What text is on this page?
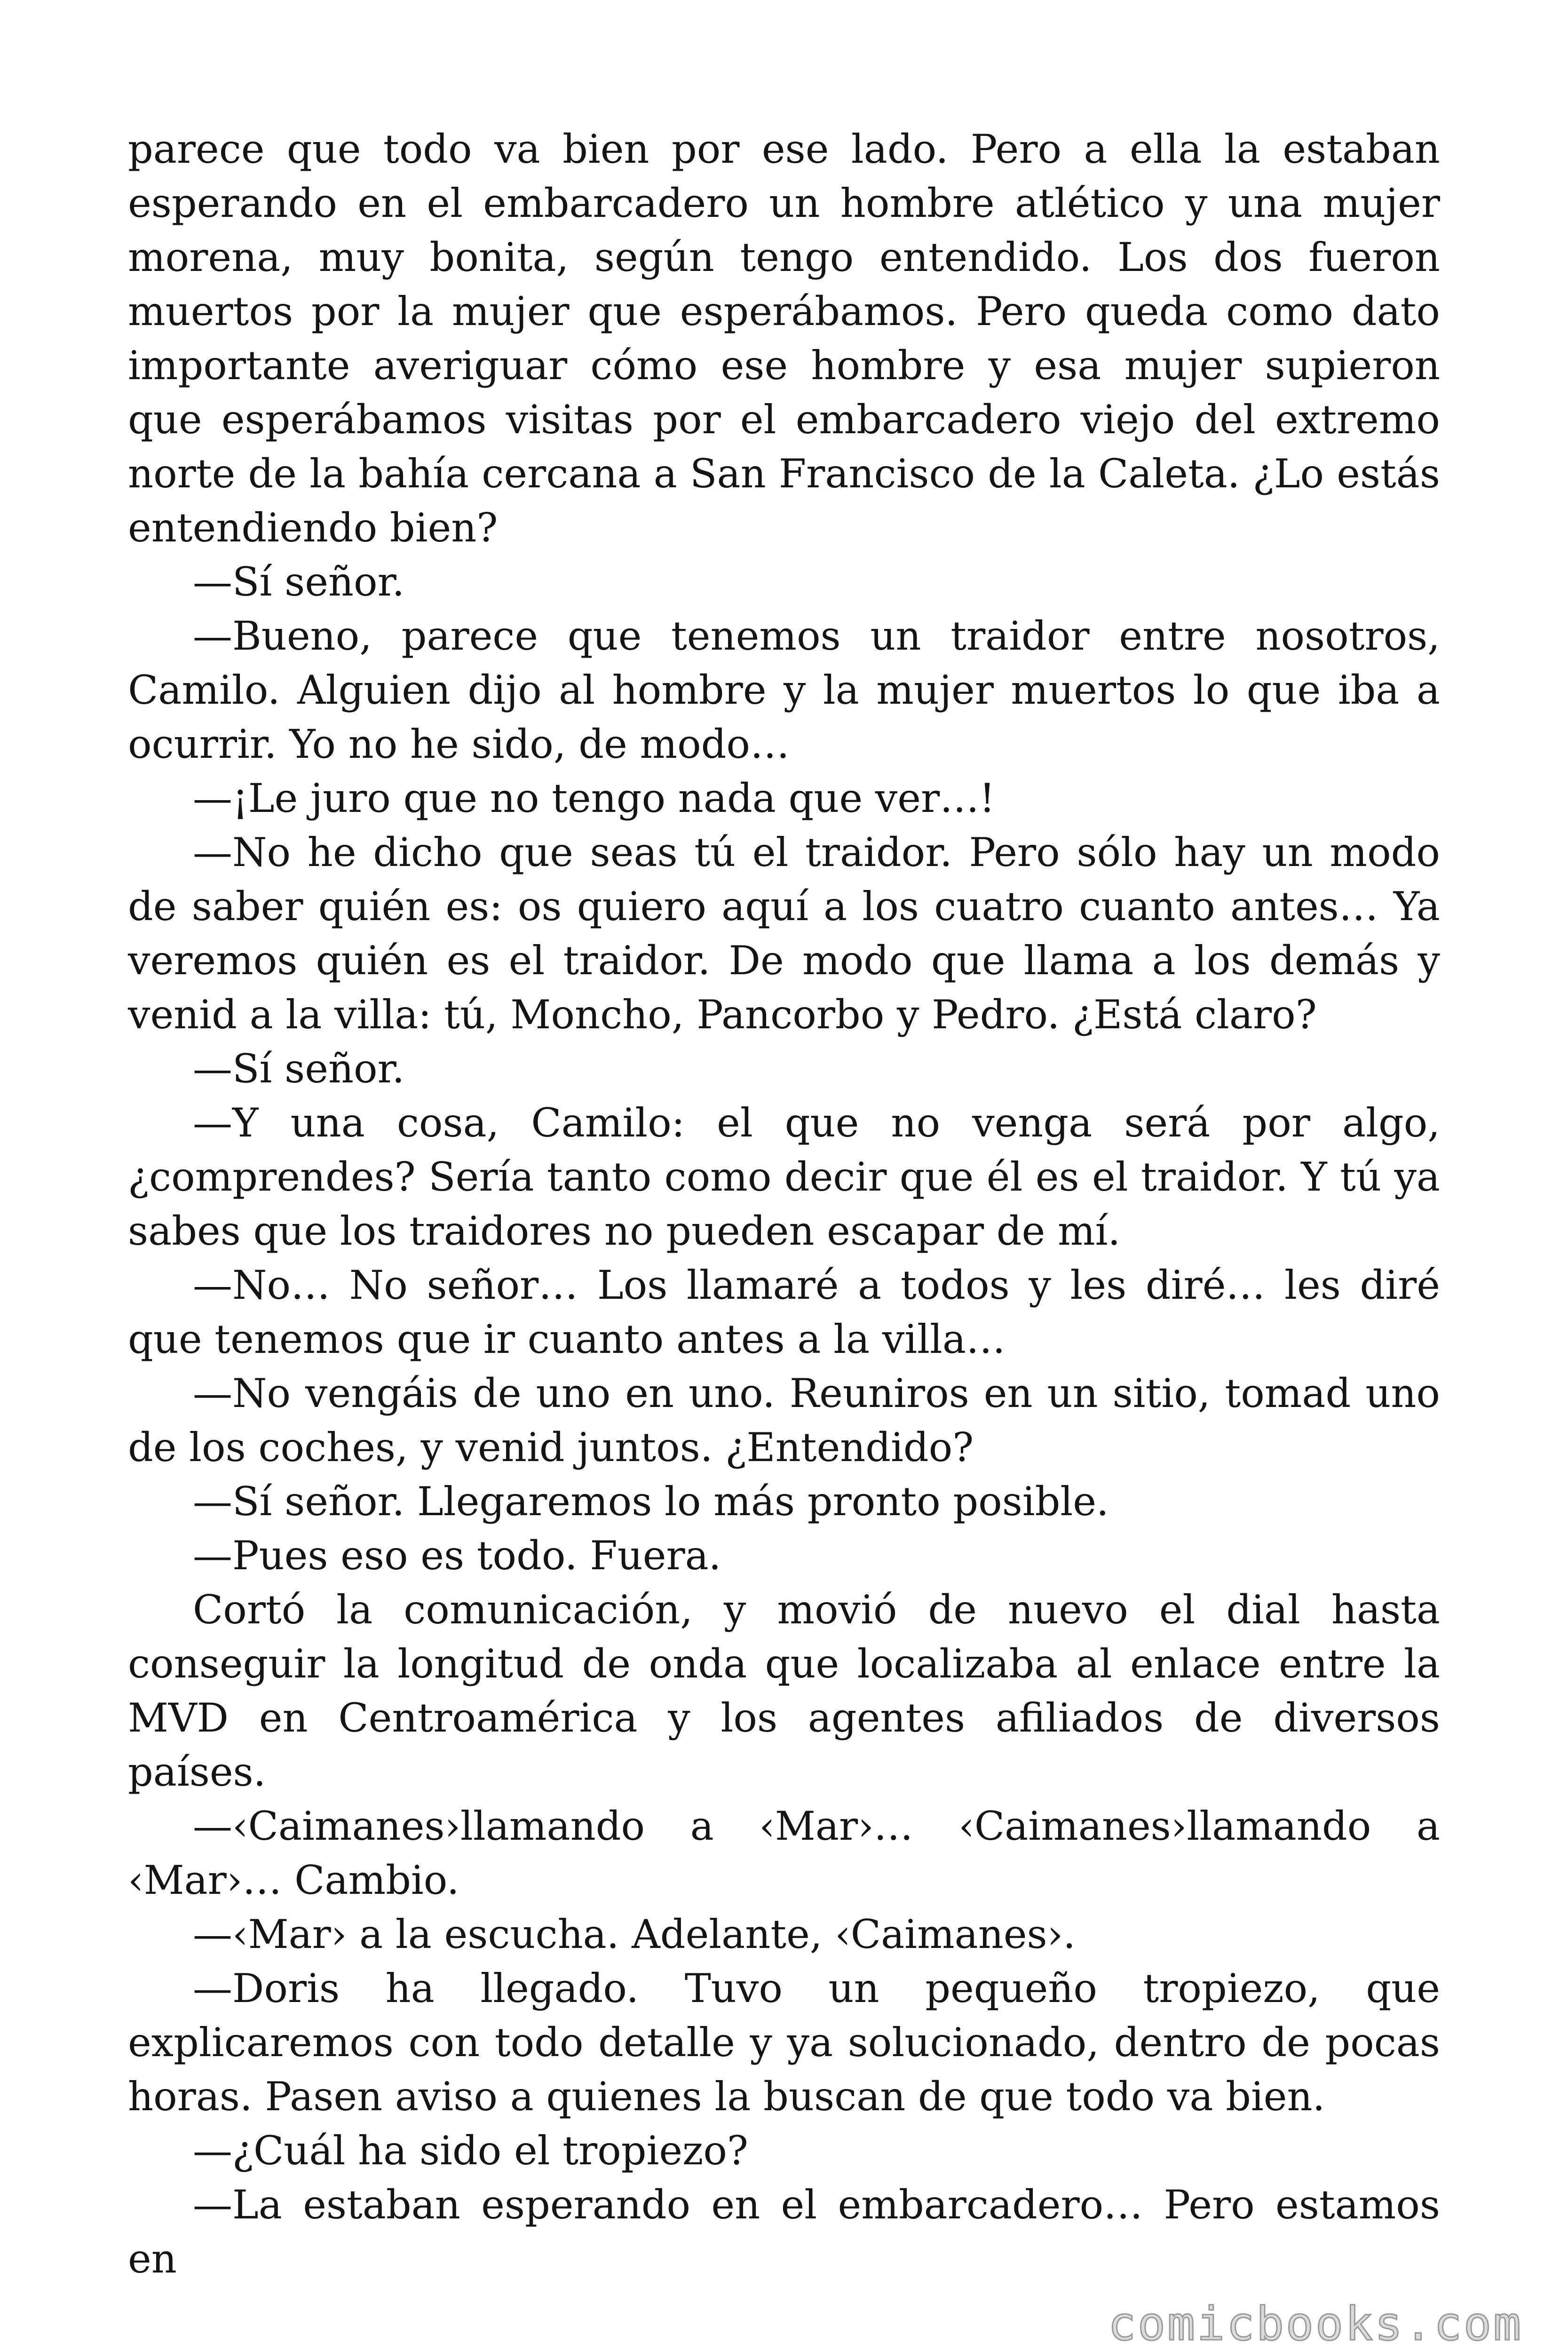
parece que todo va bien por ese lado. Pero a ella la estaban esperando en el embarcadero un hombre atlético y una mujer morena, muy bonita, según tengo entendido. Los dos fueron muertos por la mujer que esperábamos. Pero queda como dato importante averiguar cómo ese hombre y esa mujer supieron que esperábamos visitas por el embarcadero viejo del extremo norte de la bahía cercana a San Francisco de la Caleta. ¿Lo estás entendiendo bien?

—Sí señor.

—Bueno, parece que tenemos un traidor entre nosotros, Camilo. Alguien dijo al hombre y la mujer muertos lo que iba a ocurrir. Yo no he sido, de modo…

—¡Le juro que no tengo nada que ver…!

—No he dicho que seas tú el traidor. Pero sólo hay un modo de saber quién es: os quiero aquí a los cuatro cuanto antes… Ya veremos quién es el traidor. De modo que llama a los demás y venid a la villa: tú, Moncho, Pancorbo y Pedro. ¿Está claro?

—Sí señor.

—Y una cosa, Camilo: el que no venga será por algo, ¿comprendes? Sería tanto como decir que él es el traidor. Y tú ya sabes que los traidores no pueden escapar de mí.

—No… No señor… Los llamaré a todos y les diré… les diré que tenemos que ir cuanto antes a la villa…

—No vengáis de uno en uno. Reuniros en un sitio, tomad uno de los coches, y venid juntos. ¿Entendido?

—Sí señor. Llegaremos lo más pronto posible.

—Pues eso es todo. Fuera.

Cortó la comunicación, y movió de nuevo el dial hasta conseguir la longitud de onda que localizaba al enlace entre la MVD en Centroamérica y los agentes afiliados de diversos países.

—‹Caimanes›llamando a ‹Mar›… ‹Caimanes›llamando a ‹Mar›… Cambio.

—‹Mar› a la escucha. Adelante, ‹Caimanes›.

—Doris ha llegado. Tuvo un pequeño tropiezo, que explicaremos con todo detalle y ya solucionado, dentro de pocas horas. Pasen aviso a quienes la buscan de que todo va bien.

—¿Cuál ha sido el tropiezo?

—La estaban esperando en el embarcadero… Pero estamos en

comicbooks.com
